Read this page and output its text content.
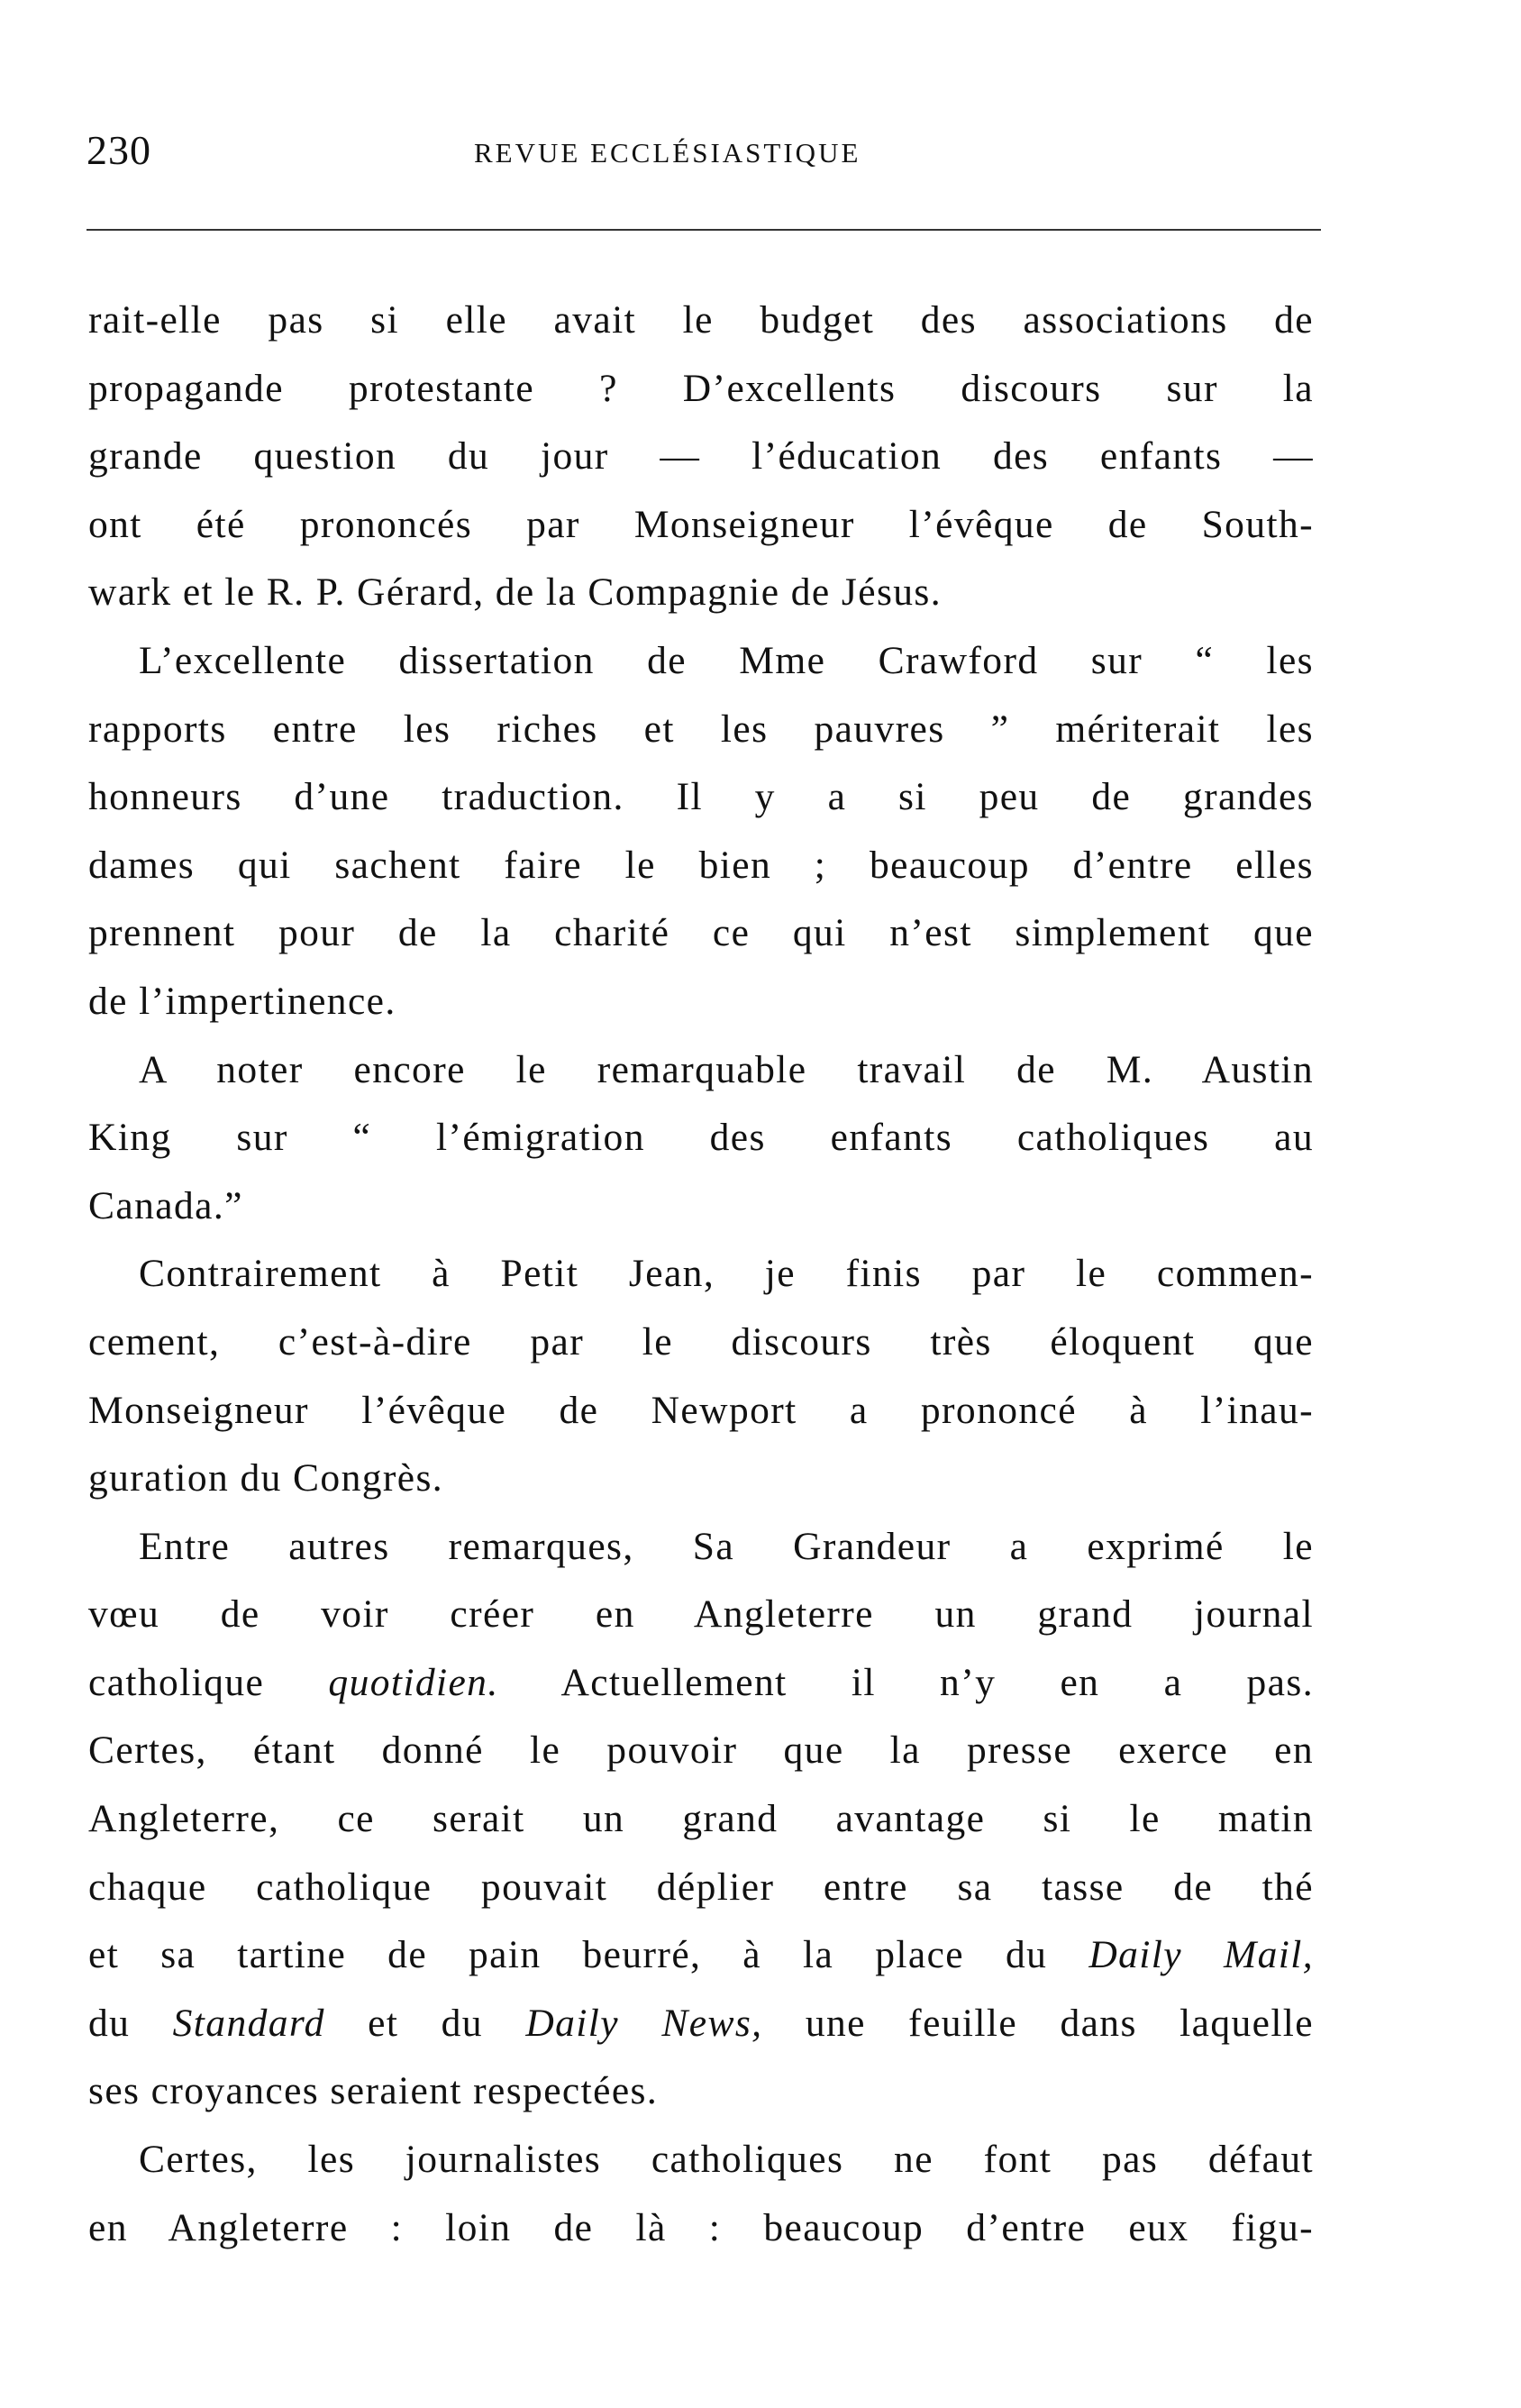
230	REVUE ECCLÉSIASTIQUE

rait-elle pas si elle avait le budget des associations de
propagande protestante ? D’excellents discours sur la
grande question du jour — l’éducation des enfants —
ont été prononcés par Monseigneur l’évêque de South-
wark et le R. P. Gérard, de la Compagnie de Jésus.

L’excellente dissertation de Mme Crawford sur “ les
rapports entre les riches et les pauvres ” mériterait les
honneurs d’une traduction. Il y a si peu de grandes
dames qui sachent faire le bien ; beaucoup d’entre elles
prennent pour de la charité ce qui n’est simplement que
de l’impertinence.

A noter encore le remarquable travail de M. Austin
King sur “ l’émigration des enfants catholiques au
Canada.”

Contrairement à Petit Jean, je finis par le commen-
cement, c’est-à-dire par le discours très éloquent que
Monseigneur l’évêque de Newport a prononcé à l’inau-
guration du Congrès.

Entre autres remarques, Sa Grandeur a exprimé le
vœu de voir créer en Angleterre un grand journal
catholique quotidien. Actuellement il n’y en a pas.
Certes, étant donné le pouvoir que la presse exerce en
Angleterre, ce serait un grand avantage si le matin
chaque catholique pouvait déplier entre sa tasse de thé
et sa tartine de pain beurré, à la place du Daily Mail,
du Standard et du Daily News, une feuille dans laquelle
ses croyances seraient respectées.

Certes, les journalistes catholiques ne font pas défaut
en Angleterre : loin de là : beaucoup d’entre eux figu-
